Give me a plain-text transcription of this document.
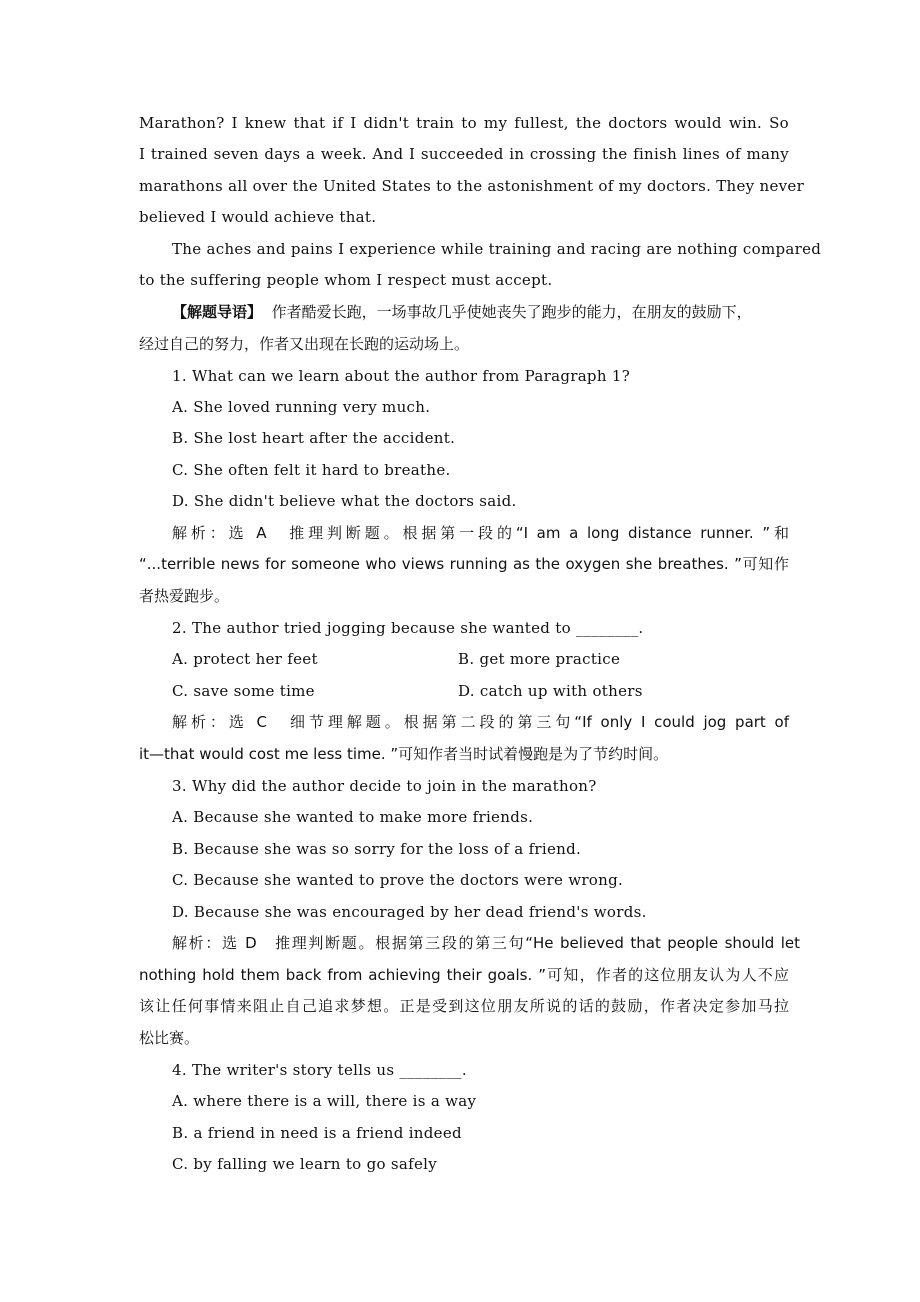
Marathon? I knew that if I didn't train to my fullest, the doctors would win. So
I trained seven days a week. And I succeeded in crossing the finish lines of many
marathons all over the United States to the astonishment of my doctors. They never
believed I would achieve that.
The aches and pains I experience while training and racing are nothing compared
to the suffering people whom I respect must accept.
【解题导语】 作者酷爱长跑，一场事故几乎使她丧失了跑步的能力，在朋友的鼓励下，
经过自己的努力，作者又出现在长跑的运动场上。
1. What can we learn about the author from Paragraph 1?
A. She loved running very much.
B. She lost heart after the accident.
C. She often felt it hard to breathe.
D. She didn't believe what the doctors said.
解析：选 A　推理判断题。根据第一段的“I am a long distance runner. ”和
“...terrible news for someone who views running as the oxygen she breathes. ”可知作
者热爱跑步。
2. The author tried jogging because she wanted to ________.
A. protect her feet	B. get more practice
C. save some time	D. catch up with others
解析：选 C　细节理解题。根据第二段的第三句“If only I could jog part of
it—that would cost me less time. ”可知作者当时试着慢跑是为了节约时间。
3. Why did the author decide to join in the marathon?
A. Because she wanted to make more friends.
B. Because she was so sorry for the loss of a friend.
C. Because she wanted to prove the doctors were wrong.
D. Because she was encouraged by her dead friend's words.
解析：选 D　推理判断题。根据第三段的第三句“He believed that people should let
nothing hold them back from achieving their goals. ”可知，作者的这位朋友认为人不应
该让任何事情来阻止自己追求梦想。正是受到这位朋友所说的话的鼓励，作者决定参加马拉
松比赛。
4. The writer's story tells us ________.
A. where there is a will, there is a way
B. a friend in need is a friend indeed
C. by falling we learn to go safely
